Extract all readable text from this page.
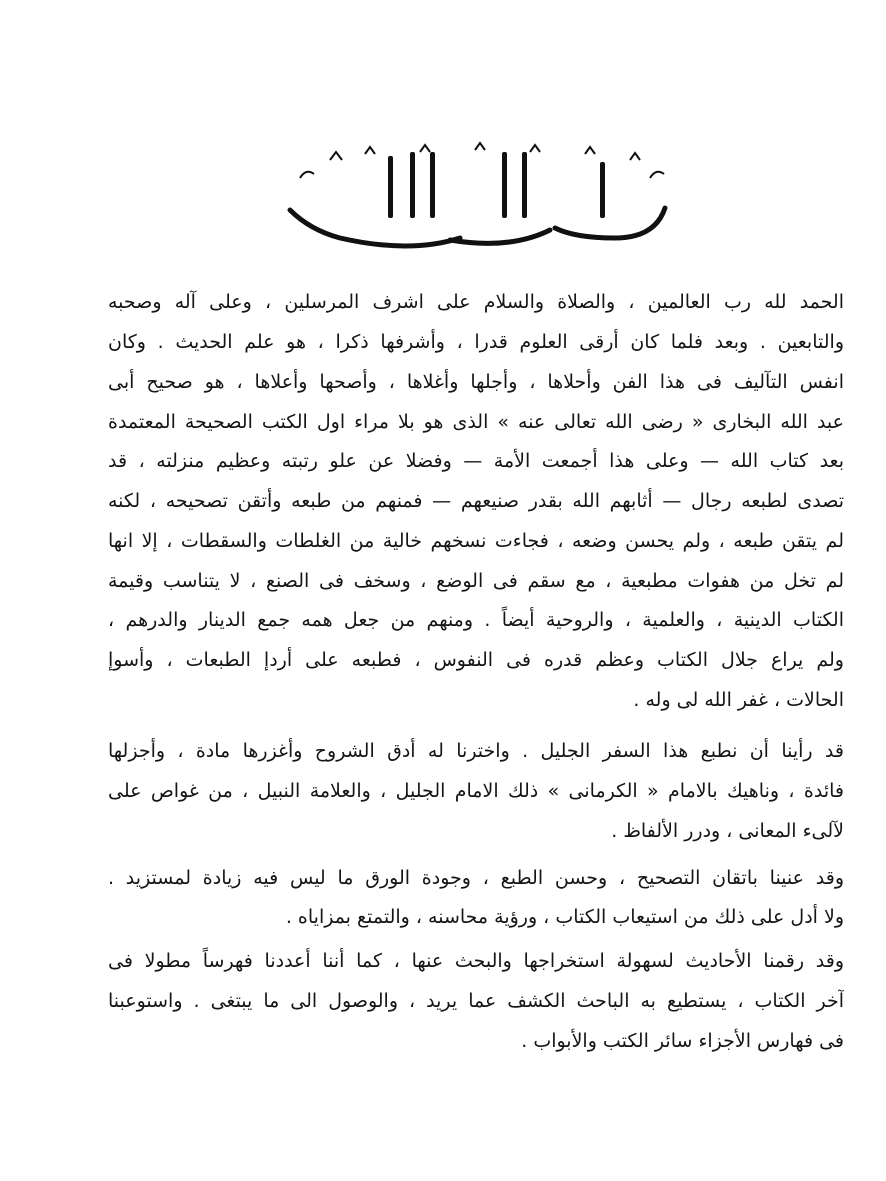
الحمد لله رب العالمين ، والصلاة والسلام على اشرف المرسلين ، وعلى آله وصحبه
والتابعين . وبعد فلما كان أرقى العلوم قدرا ، وأشرفها ذكرا ، هو علم الحديث . وكان
انفس التآليف فى هذا الفن وأحلاها ، وأجلها وأغلاها ، وأصحها وأعلاها ، هو صحيح أبى
عبد الله البخارى « رضى الله تعالى عنه » الذى هو بلا مراء اول الكتب الصحيحة المعتمدة
بعد كتاب الله — وعلى هذا أجمعت الأمة — وفضلا عن علو رتبته وعظيم منزلته ، قد
تصدى لطبعه رجال — أثابهم الله بقدر صنيعهم — فمنهم من طبعه وأتقن تصحيحه ، لكنه
لم يتقن طبعه ، ولم يحسن وضعه ، فجاءت نسخهم خالية من الغلطات والسقطات ، إلا انها
لم تخل من هفوات مطبعية ، مع سقم فى الوضع ، وسخف فى الصنع ، لا يتناسب وقيمة
الكتاب الدينية ، والعلمية ، والروحية أيضاً . ومنهم من جعل همه جمع الدينار والدرهم ،
ولم يراع جلال الكتاب وعظم قدره فى النفوس ، فطبعه على أردإ الطبعات ، وأسوإ
الحالات ، غفر الله لى وله .
قد رأينا أن نطبع هذا السفر الجليل . واخترنا له أدق الشروح وأغزرها مادة ، وأجزلها
فائدة ، وناهيك بالامام « الكرمانى » ذلك الامام الجليل ، والعلامة النبيل ، من غواص على
لآلىء المعانى ، ودرر الألفاظ .
وقد عنينا باتقان التصحيح ، وحسن الطبع ، وجودة الورق ما ليس فيه زيادة لمستزيد .
ولا أدل على ذلك من استيعاب الكتاب ، ورؤية محاسنه ، والتمتع بمزاياه .
وقد رقمنا الأحاديث لسهولة استخراجها والبحث عنها ، كما أننا أعددنا فهرساً مطولا فى
آخر الكتاب ، يستطيع به الباحث الكشف عما يريد ، والوصول الى ما يبتغى . واستوعبنا
فى فهارس الأجزاء سائر الكتب والأبواب .
